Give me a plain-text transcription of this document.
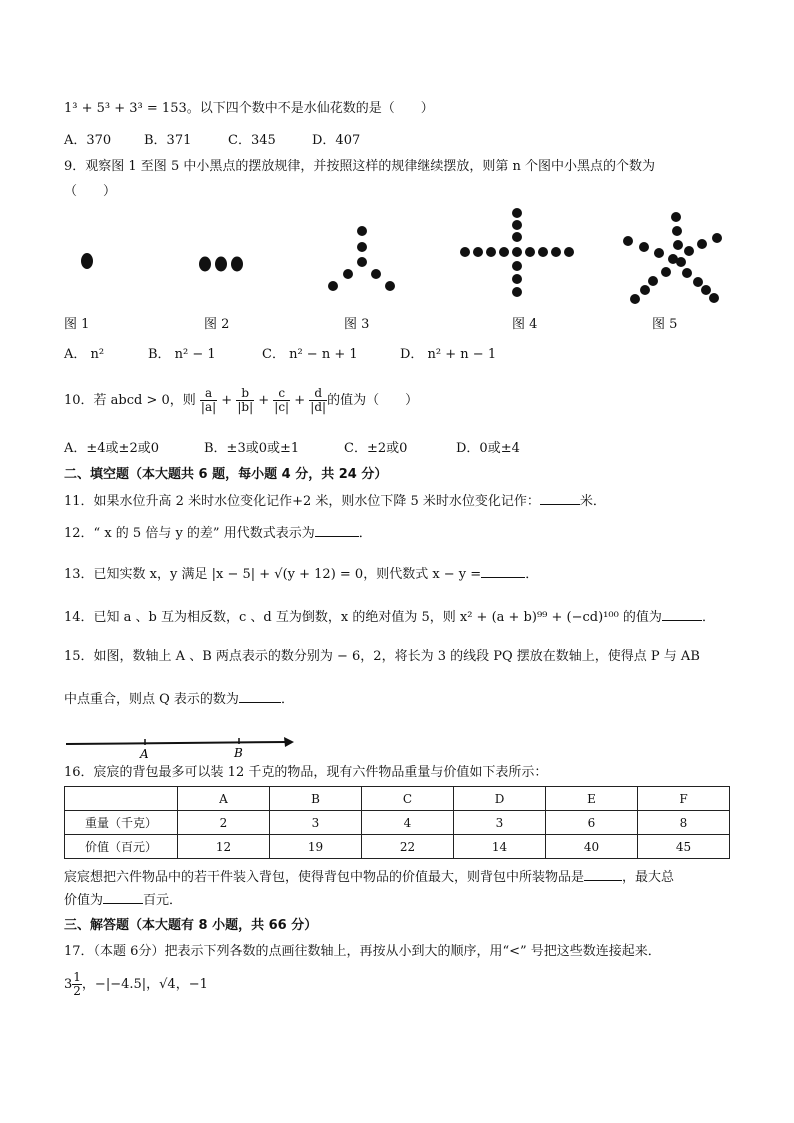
1³ + 5³ + 3³ = 153。以下四个数中不是水仙花数的是（　　）
A．370	B．371	C．345	D．407
9．观察图 1 至图 5 中小黑点的摆放规律，并按照这样的规律继续摆放，则第 n 个图中小黑点的个数为
（　　）
图 1	图 2	图 3	图 4	图 5
A． n²	B． n² − 1	C． n² − n + 1	D． n² + n − 1
10．若 abcd > 0，则 $\frac{a}{|a|} + \frac{b}{|b|} + \frac{c}{|c|} + \frac{d}{|d|}$ 的值为（　　）
A．±4或±2或0	B．±3或0或±1	C．±2或0	D．0或±4
二、填空题（本大题共 6 题，每小题 4 分，共 24 分）
11．如果水位升高 2 米时水位变化记作+2 米，则水位下降 5 米时水位变化记作：	米．
12．“ x 的 5 倍与 y 的差” 用代数式表示为	．
13．已知实数 x，y 满足 |x − 5| + √(y + 12) = 0，则代数式 x − y =	．
14．已知 a 、b 互为相反数，c 、d 互为倒数，x 的绝对值为 5，则 x² + (a + b)⁹⁹ + (−cd)¹⁰⁰ 的值为	．
15．如图，数轴上 A 、B 两点表示的数分别为 − 6，2，将长为 3 的线段 PQ 摆放在数轴上，使得点 P 与 AB
中点重合，则点 Q 表示的数为	．
A	B
16．宸宸的背包最多可以装 12 千克的物品，现有六件物品重量与价值如下表所示：
	A	B	C	D	E	F
重量（千克）	2	3	4	3	6	8
价值（百元）	12	19	22	14	40	45
宸宸想把六件物品中的若干件装入背包，使得背包中物品的价值最大，则背包中所装物品是	，最大总
价值为	百元．
三、解答题（本大题有 8 小题，共 66 分）
17．（本题 6分）把表示下列各数的点画往数轴上，再按从小到大的顺序，用“<” 号把这些数连接起来．
$3 \frac{1}{2}$ ，−|−4.5|，√4，−1
